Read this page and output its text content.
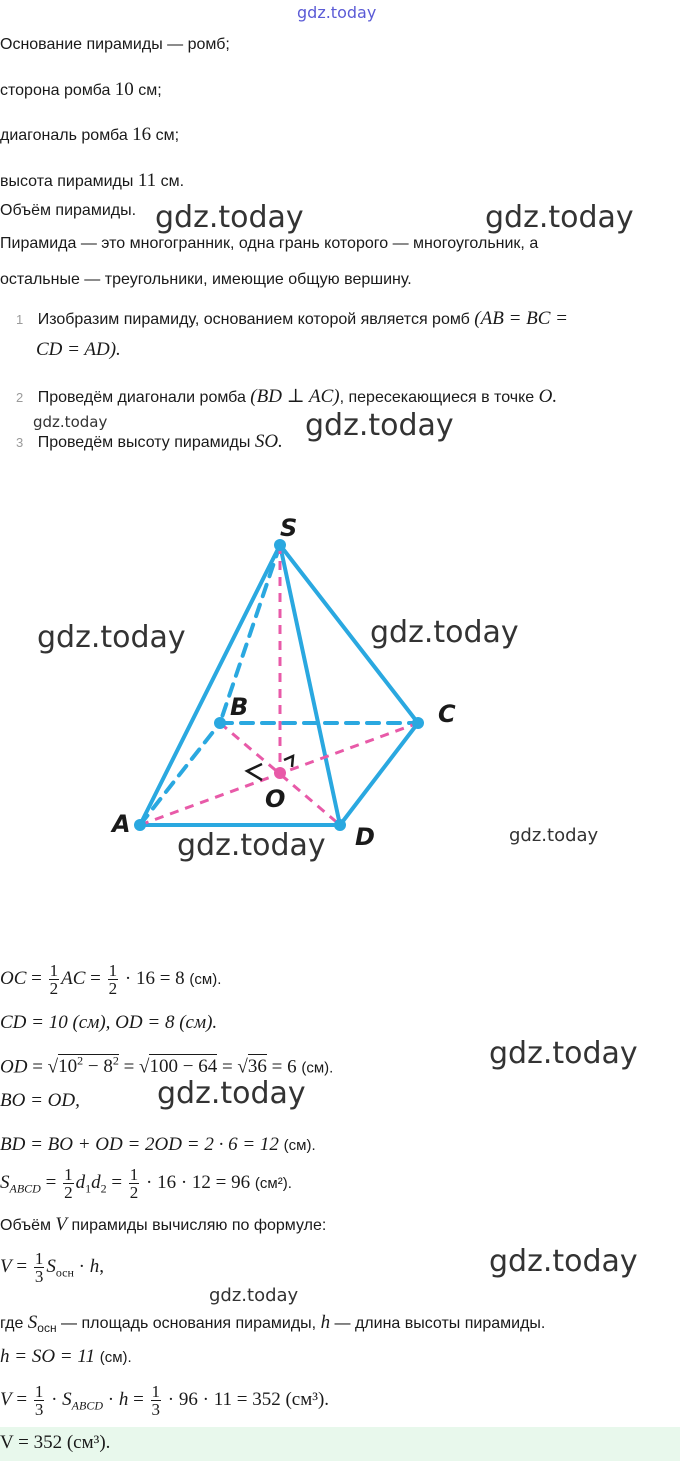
gdz.today
gdz.today	gdz.today
gdz.today	gdz.today
gdz.today	gdz.today
gdz.today	gdz.today
gdz.today
gdz.today
gdz.today
gdz.today
Основание пирамиды — ромб;
сторона ромба 10 см;
диагональ ромба 16 см;
высота пирамиды 11 см.
Объём пирамиды.
Пирамида — это многогранник, одна грань которого — многоугольник, а
остальные — треугольники, имеющие общую вершину.
1 Изобразим пирамиду, основанием которой является ромб (AB = BC =
CD = AD).
2 Проведём диагонали ромба (BD ⊥ AC), пересекающиеся в точке O.
3 Проведём высоту пирамиды SO.
S
A
B	C
D
O
OC = $\frac{1}{2}$ AC = $\frac{1}{2} \cdot 16 = 8$ (см).
CD = 10 (см), OD = 8 (см).
OD = $√10^2 - 8^2 = √100 - 64 = √36 = 6$ (см).
BO = OD,
BD = BO + OD = 2OD = 2 · 6 = 12 (см).
$S_{ABCD} = \frac{1}{2} d_1d_2 = \frac{1}{2} \cdot 16 \cdot 12 = 96$ (см²).
Объём V пирамиды вычисляю по формуле:
$V = \frac{1}{3} S_{осн} \cdot h$,
где $S_{осн}$ — площадь основания пирамиды, h — длина высоты пирамиды.
h = SO = 11 (см).
$V = \frac{1}{3} \cdot S_{ABCD} \cdot h = \frac{1}{3} \cdot 96 \cdot 11 = 352$ (см³).
V = 352 (см³).
